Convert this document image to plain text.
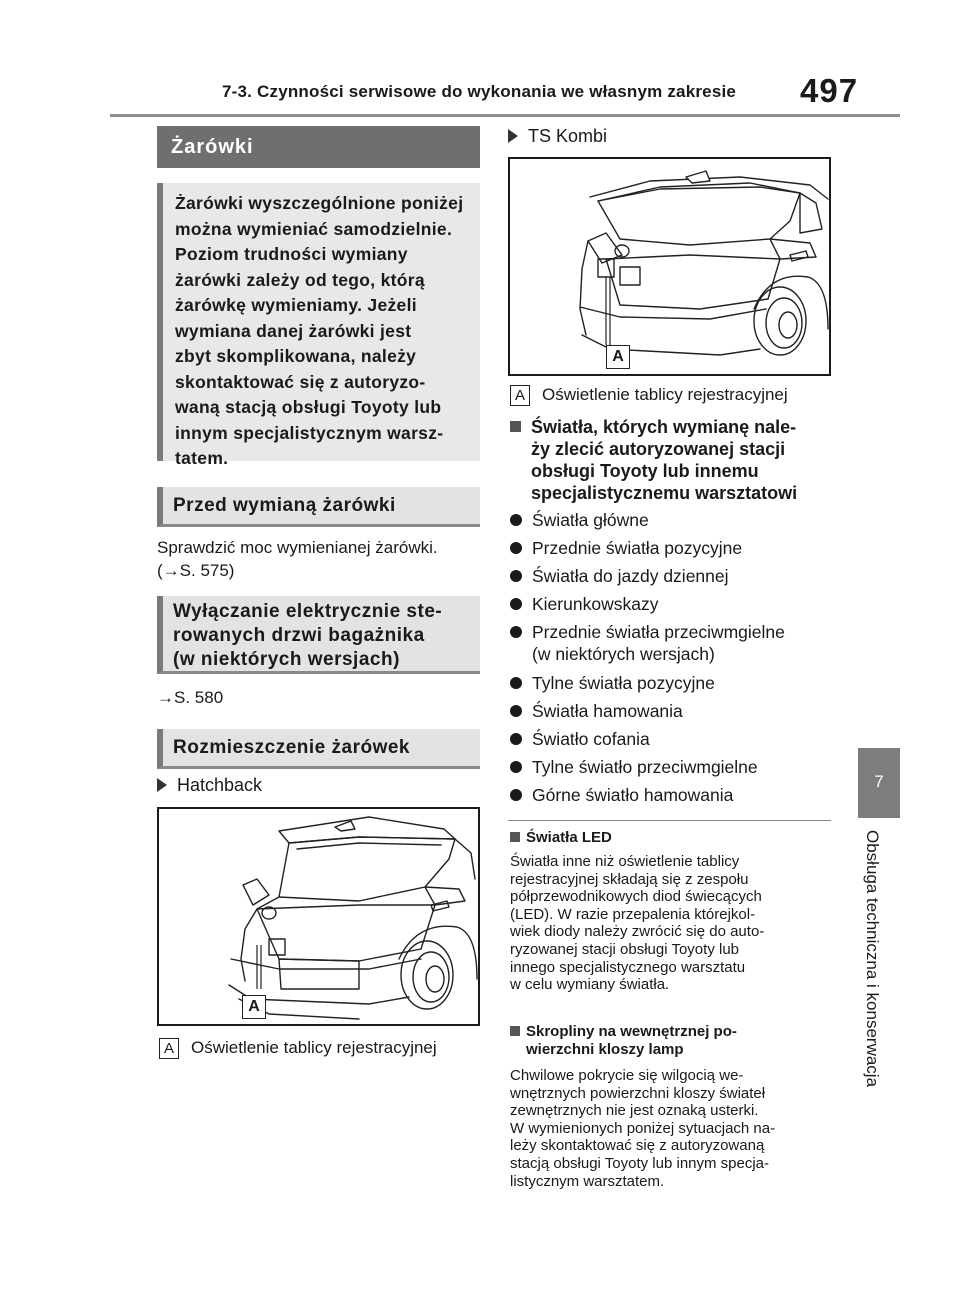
7-3. Czynności serwisowe do wykonania we własnym zakresie 497
7
Obsługa techniczna i konserwacja
Żarówki
Żarówki wyszczególnione poniżej
można wymieniać samodzielnie.
Poziom trudności wymiany
żarówki zależy od tego, którą
żarówkę wymieniamy. Jeżeli
wymiana danej żarówki jest
zbyt skomplikowana, należy
skontaktować się z autoryzo-
waną stacją obsługi Toyoty lub
innym specjalistycznym warsz-
tatem.
Przed wymianą żarówki
Sprawdzić moc wymienianej żarówki.
(→S. 575)
Wyłączanie elektrycznie ste-
rowanych drzwi bagażnika
(w niektórych wersjach)
→S. 580
Rozmieszczenie żarówek
Hatchback
A
A Oświetlenie tablicy rejestracyjnej
TS Kombi
A
A Oświetlenie tablicy rejestracyjnej
Światła, których wymianę nale-
ży zlecić autoryzowanej stacji
obsługi Toyoty lub innemu
specjalistycznemu warsztatowi
Światła główne
Przednie światła pozycyjne
Światła do jazdy dziennej
Kierunkowskazy
Przednie światła przeciwmgielne
(w niektórych wersjach)
Tylne światła pozycyjne
Światła hamowania
Światło cofania
Tylne światło przeciwmgielne
Górne światło hamowania
Światła LED
Światła inne niż oświetlenie tablicy
rejestracyjnej składają się z zespołu
półprzewodnikowych diod świecących
(LED). W razie przepalenia którejkol-
wiek diody należy zwrócić się do auto-
ryzowanej stacji obsługi Toyoty lub
innego specjalistycznego warsztatu
w celu wymiany światła.
Skropliny na wewnętrznej po-
wierzchni kloszy lamp
Chwilowe pokrycie się wilgocią we-
wnętrznych powierzchni kloszy świateł
zewnętrznych nie jest oznaką usterki.
W wymienionych poniżej sytuacjach na-
leży skontaktować się z autoryzowaną
stacją obsługi Toyoty lub innym specja-
listycznym warsztatem.
